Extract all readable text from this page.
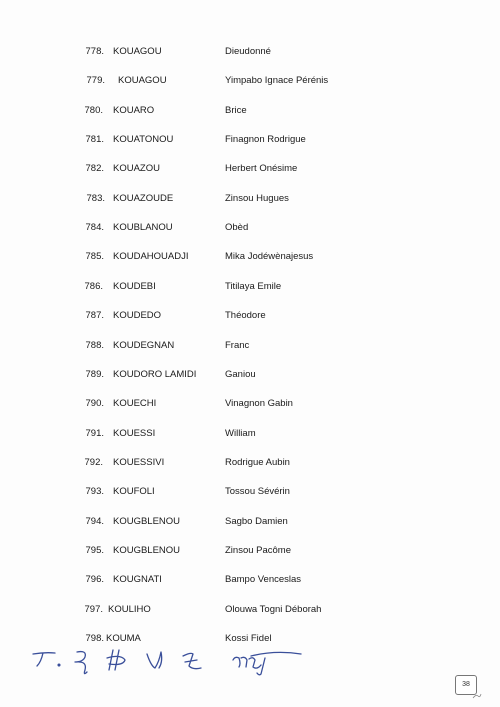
778. KOUAGOU	Dieudonné
779. KOUAGOU	Yimpabo Ignace Pérénis
780. KOUARO	Brice
781. KOUATONOU	Finagnon Rodrigue
782. KOUAZOU	Herbert Onésime
783. KOUAZOUDE	Zinsou Hugues
784. KOUBLANOU	Obèd
785. KOUDAHOUADJI	Mika Jodéwènajesus
786. KOUDEBI	Titilaya Emile
787. KOUDEDO	Théodore
788. KOUDEGNAN	Franc
789. KOUDORO LAMIDI	Ganiou
790. KOUECHI	Vinagnon Gabin
791. KOUESSI	William
792. KOUESSIVI	Rodrigue Aubin
793. KOUFOLI	Tossou Sévérin
794. KOUGBLENOU	Sagbo Damien
795. KOUGBLENOU	Zinsou Pacôme
796. KOUGNATI	Bampo Venceslas
797. KOULIHO	Olouwa Togni Déborah
798. KOUMA	Kossi Fidel
38
